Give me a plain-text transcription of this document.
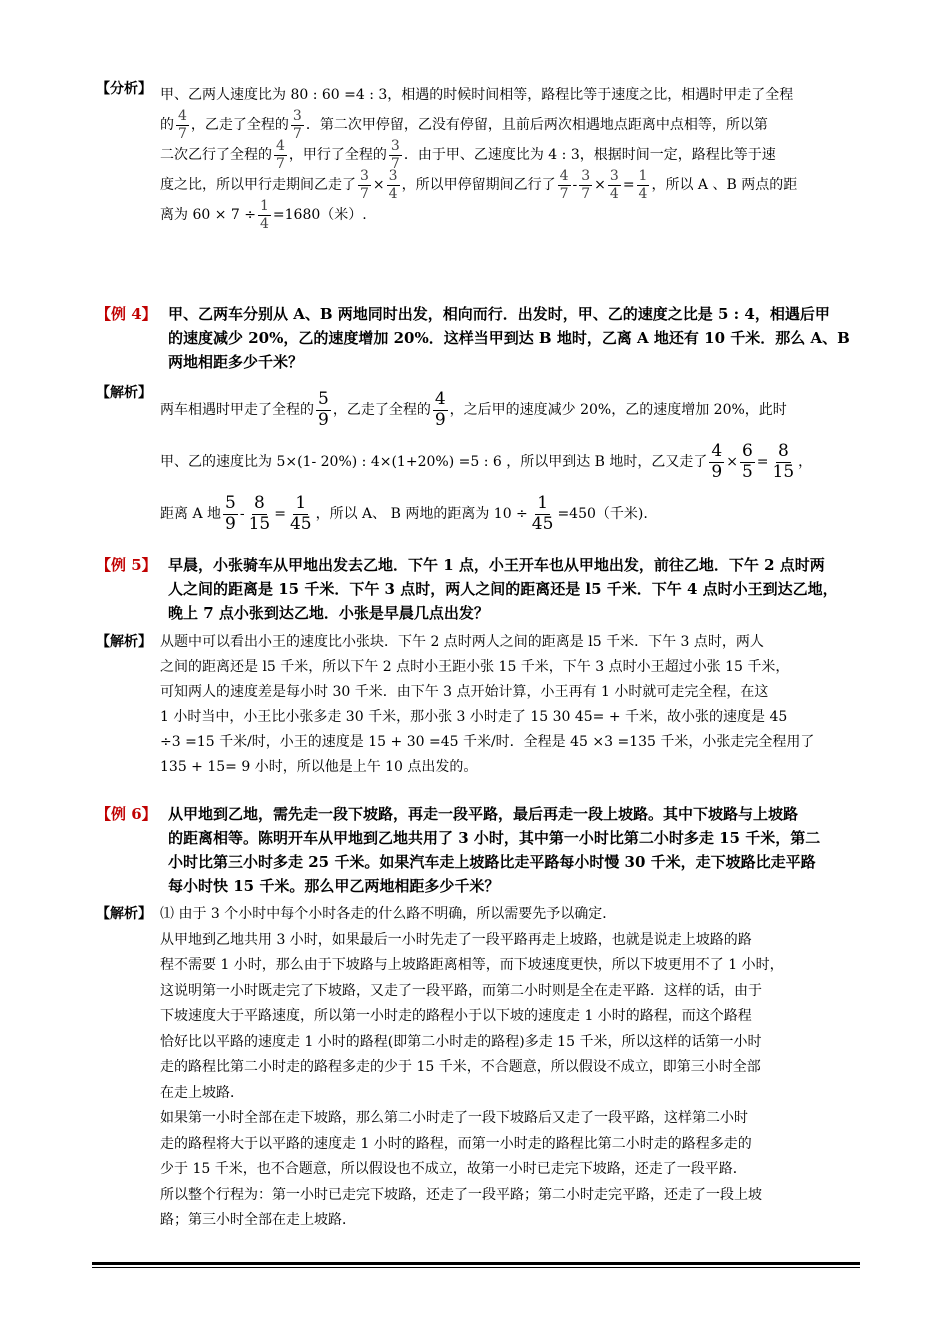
【分析】 甲、乙两人速度比为 80 : 60 =4 : 3，相遇的时候时间相等，路程比等于速度之比，相遇时甲走了全程
的 $\frac{4}{7}$ ，乙走了全程的 $\frac{3}{7}$ ．第二次甲停留，乙没有停留，且前后两次相遇地点距离中点相等，所以第
二次乙行了全程的 $\frac{4}{7}$ ，甲行了全程的 $\frac{3}{7}$ ．由于甲、乙速度比为 4 : 3，根据时间一定，路程比等于速
度之比，所以甲行走期间乙走了 $\frac{3}{7} \times \frac{3}{4}$ ，所以甲停留期间乙行了 $\frac{4}{7} - \frac{3}{7} \times \frac{3}{4} = \frac{1}{4}$ ，所以 A 、B 两点的距
离为 $60 \times 7 \div \frac{1}{4} =1680$（米）.
【例 4】 甲、乙两车分别从 A、B 两地同时出发，相向而行．出发时，甲、乙的速度之比是 5 : 4，相遇后甲
的速度减少 20%，乙的速度增加 20%．这样当甲到达 B 地时，乙离 A 地还有 10 千米．那么 A、B
两地相距多少千米？
【解析】
两车相遇时甲走了全程的 $\frac{5}{9}$ ，乙走了全程的 $\frac{4}{9}$ ，之后甲的速度减少 20%，乙的速度增加 20%，此时
甲、乙的速度比为 5×(1- 20%) : 4×(1+20%) =5 : 6 ，所以甲到达 B 地时，乙又走了 $\frac{4}{9} \times \frac{6}{5} = \frac{8}{15}$ ，
距离 A 地 $\frac{5}{9} - \frac{8}{15} = \frac{1}{45}$ ，所以 A、 B 两地的距离为 $10 \div \frac{1}{45} =450$（千米).
【例 5】 早晨，小张骑车从甲地出发去乙地．下午 1 点，小王开车也从甲地出发，前往乙地．下午 2 点时两
人之间的距离是 15 千米．下午 3 点时，两人之间的距离还是 l5 千米．下午 4 点时小王到达乙地，
晚上 7 点小张到达乙地．小张是早晨几点出发？
【解析】 从题中可以看出小王的速度比小张块．下午 2 点时两人之间的距离是 l5 千米．下午 3 点时，两人
之间的距离还是 l5 千米，所以下午 2 点时小王距小张 15 千米，下午 3 点时小王超过小张 15 千米，
可知两人的速度差是每小时 30 千米．由下午 3 点开始计算，小王再有 1 小时就可走完全程，在这
1 小时当中，小王比小张多走 30 千米，那小张 3 小时走了 15 30 45= + 千米，故小张的速度是 45
÷3 =15 千米/时，小王的速度是 15 + 30 =45 千米/时．全程是 45 ×3 =135 千米，小张走完全程用了
135 + 15= 9 小时，所以他是上午 10 点出发的。
【例 6】 从甲地到乙地，需先走一段下坡路，再走一段平路，最后再走一段上坡路。其中下坡路与上坡路
的距离相等。陈明开车从甲地到乙地共用了 3 小时，其中第一小时比第二小时多走 15 千米，第二
小时比第三小时多走 25 千米。如果汽车走上坡路比走平路每小时慢 30 千米，走下坡路比走平路
每小时快 15 千米。那么甲乙两地相距多少千米？
【解析】 ⑴ 由于 3 个小时中每个小时各走的什么路不明确，所以需要先予以确定．
从甲地到乙地共用 3 小时，如果最后一小时先走了一段平路再走上坡路，也就是说走上坡路的路
程不需要 1 小时，那么由于下坡路与上坡路距离相等，而下坡速度更快，所以下坡更用不了 1 小时，
这说明第一小时既走完了下坡路，又走了一段平路，而第二小时则是全在走平路．这样的话，由于
下坡速度大于平路速度，所以第一小时走的路程小于以下坡的速度走 1 小时的路程，而这个路程
恰好比以平路的速度走 1 小时的路程(即第二小时走的路程)多走 15 千米，所以这样的话第一小时
走的路程比第二小时走的路程多走的少于 15 千米，不合题意，所以假设不成立，即第三小时全部
在走上坡路．
如果第一小时全部在走下坡路，那么第二小时走了一段下坡路后又走了一段平路，这样第二小时
走的路程将大于以平路的速度走 1 小时的路程，而第一小时走的路程比第二小时走的路程多走的
少于 15 千米，也不合题意，所以假设也不成立，故第一小时已走完下坡路，还走了一段平路．
所以整个行程为：第一小时已走完下坡路，还走了一段平路；第二小时走完平路，还走了一段上坡
路；第三小时全部在走上坡路．
